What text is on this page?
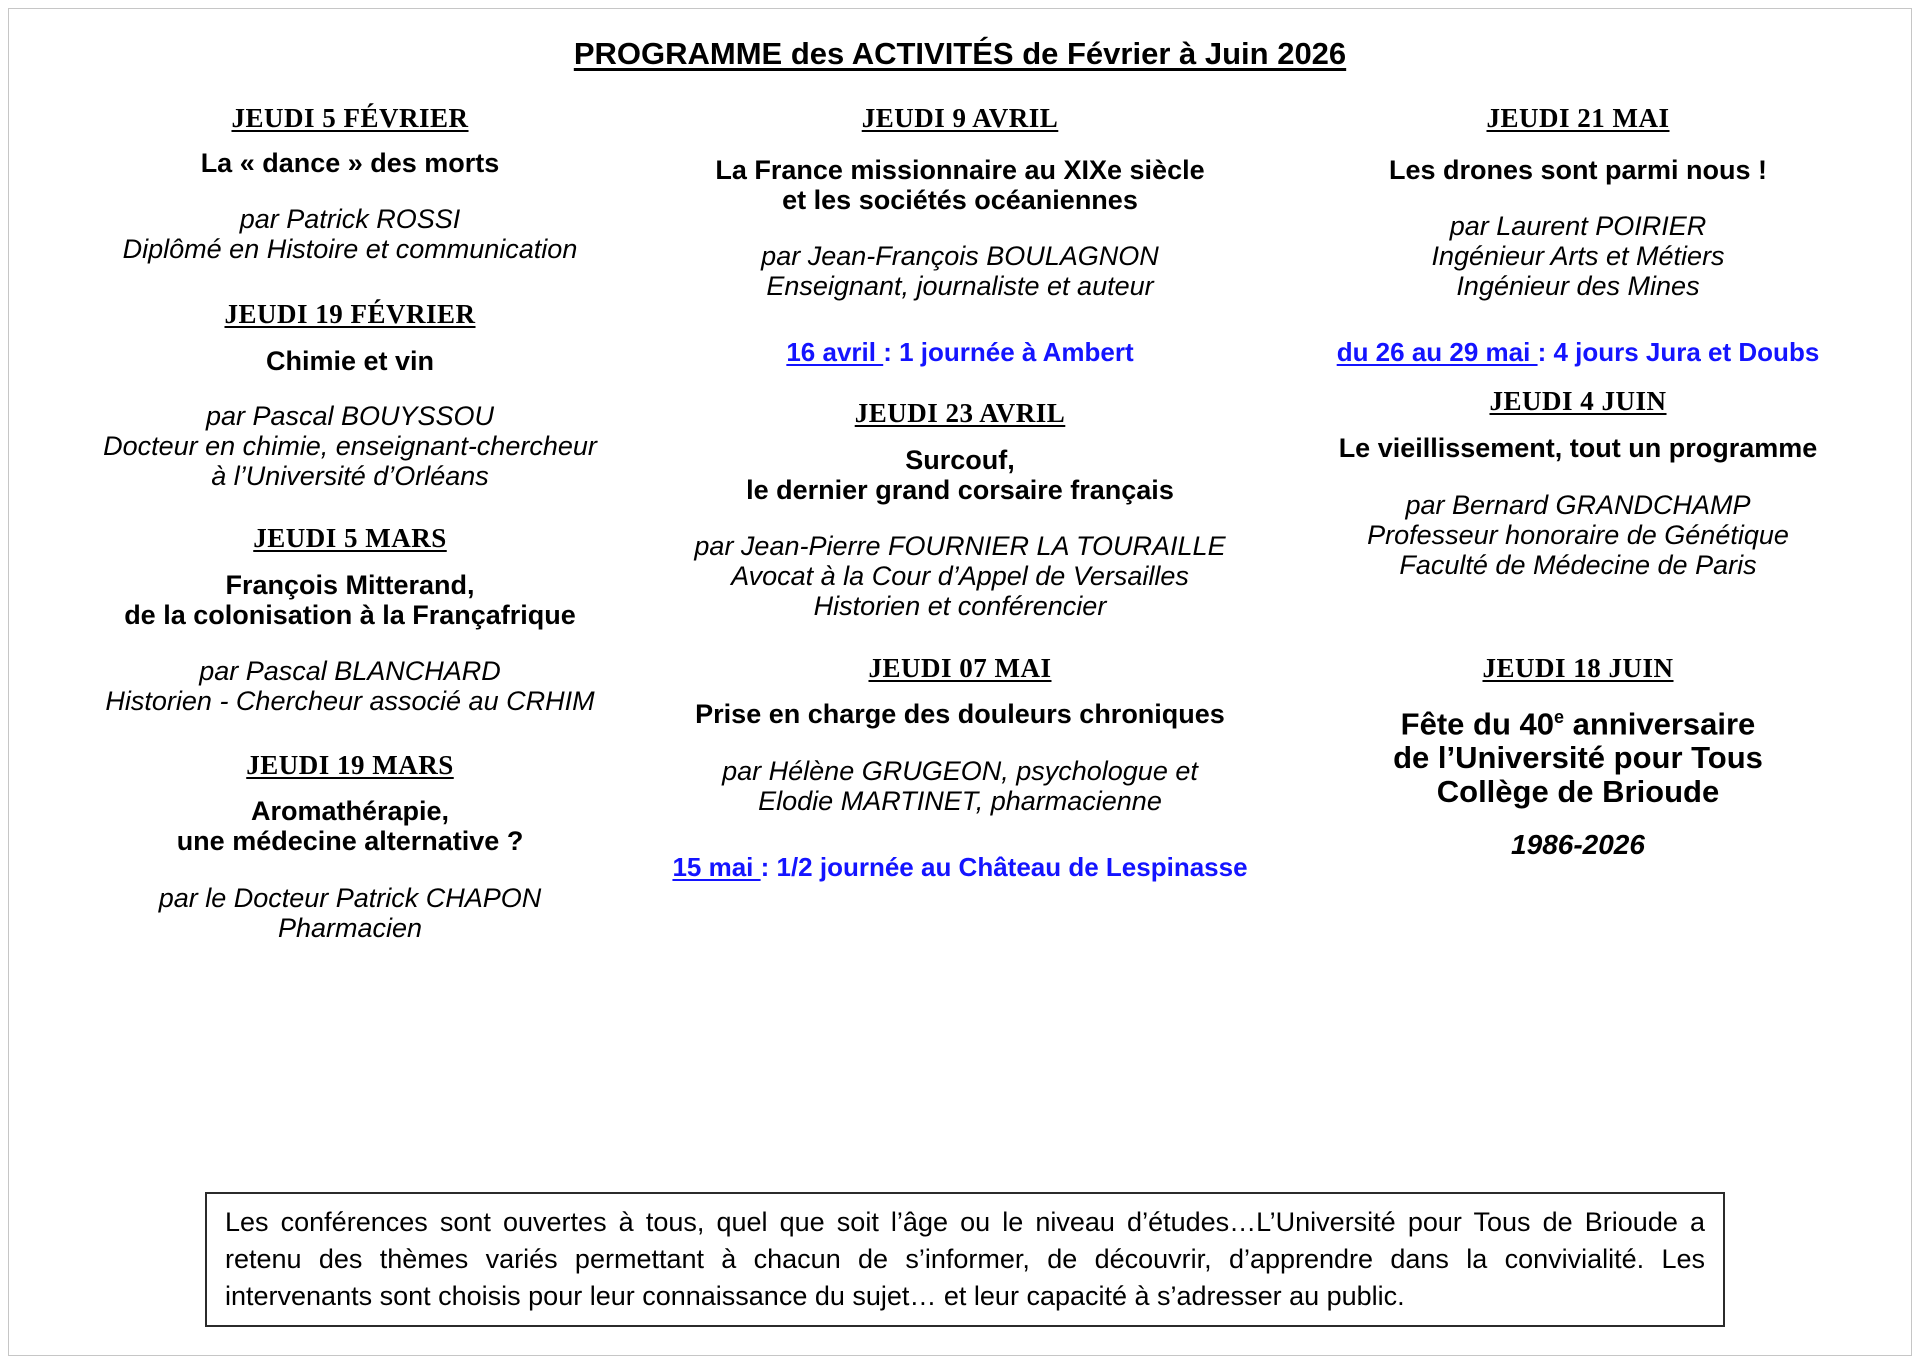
PROGRAMME des ACTIVITÉS de Février à Juin 2026
JEUDI 5 FÉVRIER
La « dance » des morts
par Patrick ROSSI
Diplômé en Histoire et communication
JEUDI 19 FÉVRIER
Chimie et vin
par Pascal BOUYSSOU
Docteur en chimie, enseignant-chercheur
à l’Université d’Orléans
JEUDI 5 MARS
François Mitterand,
de la colonisation à la Françafrique
par Pascal BLANCHARD
Historien - Chercheur associé au CRHIM
JEUDI 19 MARS
Aromathérapie,
une médecine alternative ?
par le Docteur Patrick CHAPON
Pharmacien
JEUDI 9 AVRIL
La France missionnaire au XIXe siècle
et les sociétés océaniennes
par Jean-François BOULAGNON
Enseignant, journaliste et auteur
16 avril : 1 journée à Ambert
JEUDI 23 AVRIL
Surcouf,
le dernier grand corsaire français
par Jean-Pierre FOURNIER LA TOURAILLE
Avocat à la Cour d’Appel de Versailles
Historien et conférencier
JEUDI 07 MAI
Prise en charge des douleurs chroniques
par Hélène GRUGEON, psychologue et
Elodie MARTINET, pharmacienne
15 mai : 1/2 journée au Château de Lespinasse
JEUDI 21 MAI
Les drones sont parmi nous !
par Laurent POIRIER
Ingénieur Arts et Métiers
Ingénieur des Mines
du 26 au 29 mai : 4 jours Jura et Doubs
JEUDI 4 JUIN
Le vieillissement, tout un programme
par Bernard GRANDCHAMP
Professeur honoraire de Génétique
Faculté de Médecine de Paris
JEUDI 18 JUIN
Fête du 40e anniversaire
de l’Université pour Tous
Collège de Brioude
1986-2026
Les conférences sont ouvertes à tous, quel que soit l’âge ou le niveau d’études…L’Université pour Tous de Brioude a retenu des thèmes variés permettant à chacun de s’informer, de découvrir, d’apprendre dans la convivialité. Les intervenants sont choisis pour leur connaissance du sujet… et leur capacité à s’adresser au public.
